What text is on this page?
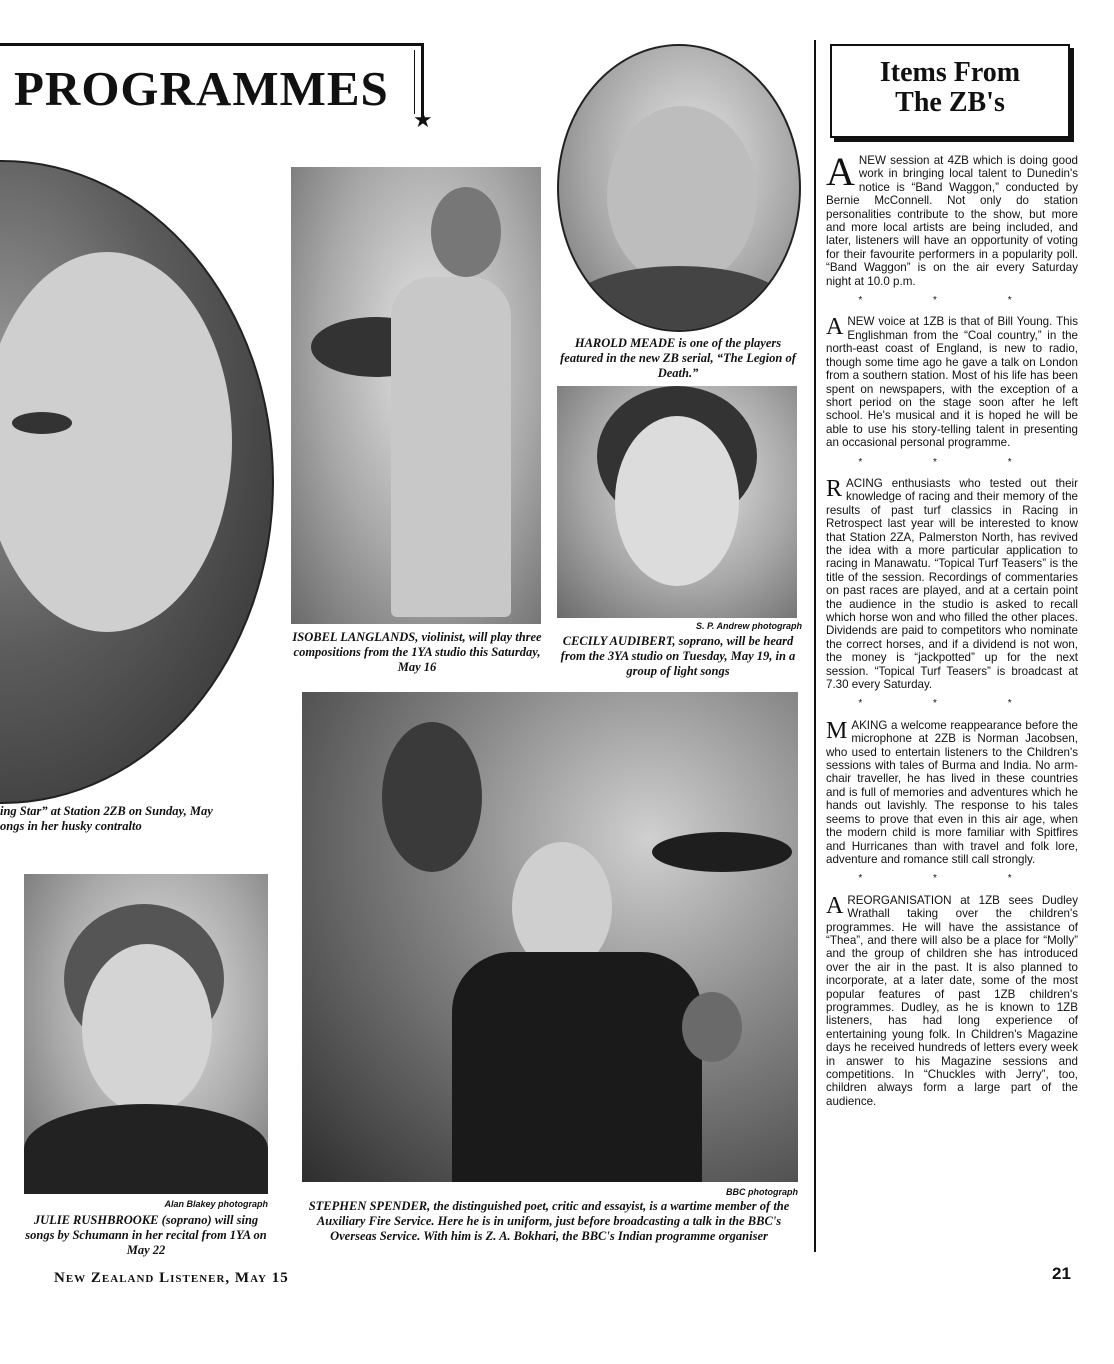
PROGRAMMES
★
ing Star” at Station 2ZB on Sunday, May
ongs in her husky contralto
ISOBEL LANGLANDS, violinist, will play three compositions from the 1YA studio this Saturday, May 16
HAROLD MEADE is one of the players featured in the new ZB serial, “The Legion of Death.”
S. P. Andrew photograph
CECILY AUDIBERT, soprano, will be heard from the 3YA studio on Tuesday, May 19, in a group of light songs
Alan Blakey photograph
JULIE RUSHBROOKE (soprano) will sing songs by Schumann in her recital from 1YA on May 22
BBC photograph
STEPHEN SPENDER, the distinguished poet, critic and essayist, is a wartime member of the Auxiliary Fire Service. Here he is in uniform, just before broadcasting a talk in the BBC's Overseas Service. With him is Z. A. Bokhari, the BBC's Indian programme organiser
Items From
The ZB's

A NEW session at 4ZB which is doing good work in bringing local talent to Dunedin's notice is “Band Waggon,” conducted by Bernie McConnell. Not only do station personalities contribute to the show, but more and more local artists are being included, and later, listeners will have an opportunity of voting for their favourite performers in a popularity poll. “Band Waggon” is on the air every Saturday night at 10.0 p.m.

* * *

A NEW voice at 1ZB is that of Bill Young. This Englishman from the “Coal country,” in the north-east coast of England, is new to radio, though some time ago he gave a talk on London from a southern station. Most of his life has been spent on newspapers, with the exception of a short period on the stage soon after he left school. He's musical and it is hoped he will be able to use his story-telling talent in presenting an occasional personal programme.

* * *

R ACING enthusiasts who tested out their knowledge of racing and their memory of the results of past turf classics in Racing in Retrospect last year will be interested to know that Station 2ZA, Palmerston North, has revived the idea with a more particular application to racing in Manawatu. “Topical Turf Teasers” is the title of the session. Recordings of commentaries on past races are played, and at a certain point the audience in the studio is asked to recall which horse won and who filled the other places. Dividends are paid to competitors who nominate the correct horses, and if a dividend is not won, the money is “jackpotted” up for the next session. “Topical Turf Teasers” is broadcast at 7.30 every Saturday.

* * *

M AKING a welcome reappearance before the microphone at 2ZB is Norman Jacobsen, who used to entertain listeners to the Children's sessions with tales of Burma and India. No arm-chair traveller, he has lived in these countries and is full of memories and adventures which he hands out lavishly. The response to his tales seems to prove that even in this air age, when the modern child is more familiar with Spitfires and Hurricanes than with travel and folk lore, adventure and romance still call strongly.

* * *

A REORGANISATION at 1ZB sees Dudley Wrathall taking over the children's programmes. He will have the assistance of “Thea”, and there will also be a place for “Molly” and the group of children she has introduced over the air in the past. It is also planned to incorporate, at a later date, some of the most popular features of past 1ZB children's programmes. Dudley, as he is known to 1ZB listeners, has had long experience of entertaining young folk. In Children's Magazine days he received hundreds of letters every week in answer to his Magazine sessions and competitions. In “Chuckles with Jerry”, too, children always form a large part of the audience.

New Zealand Listener, May 15	21
